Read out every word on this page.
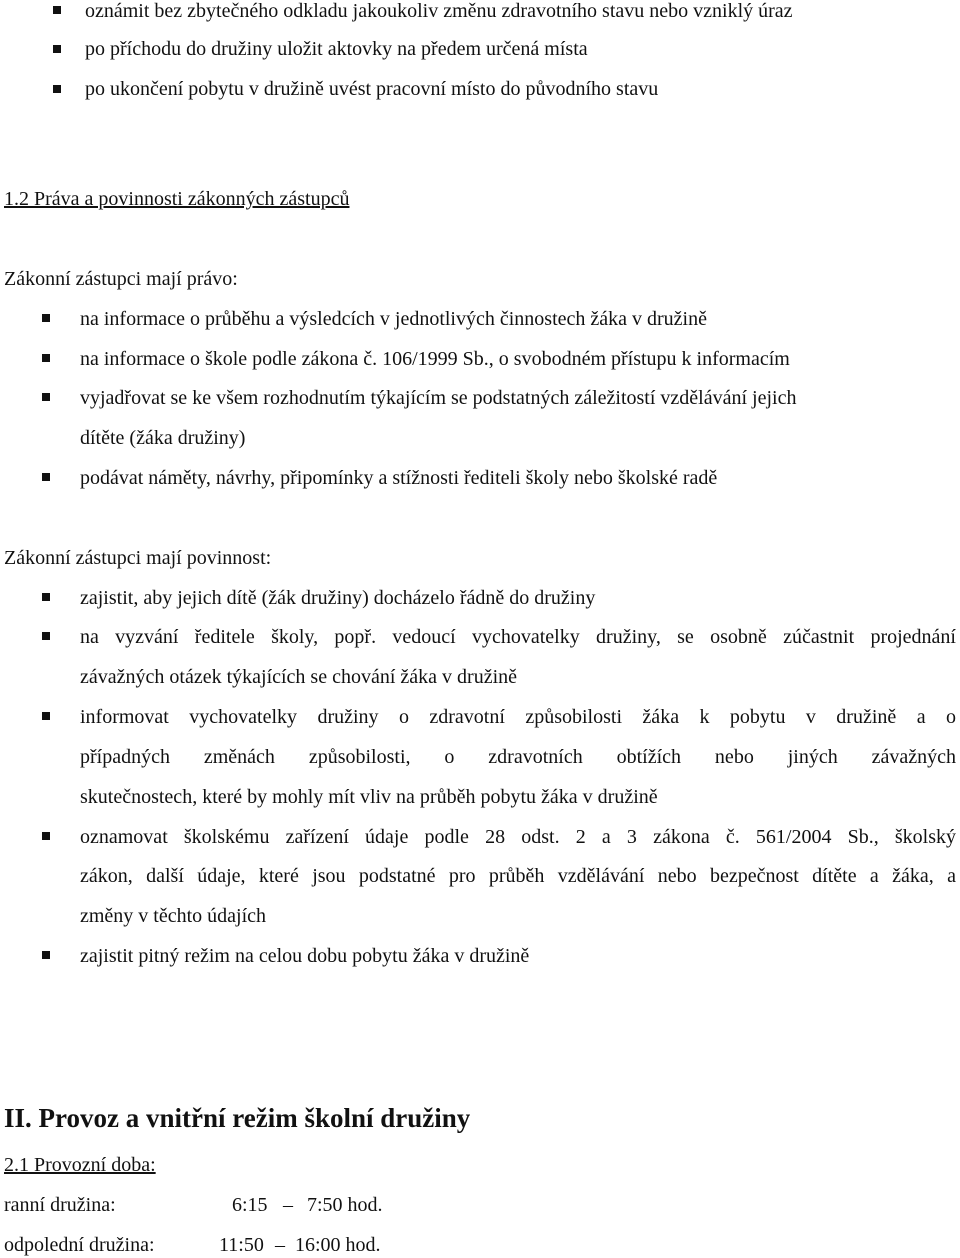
oznámit bez zbytečného odkladu jakoukoliv změnu zdravotního stavu nebo vzniklý úraz
po příchodu do družiny uložit aktovky na předem určená místa
po ukončení pobytu v družině uvést pracovní místo do původního stavu
1.2 Práva a povinnosti zákonných zástupců
Zákonní zástupci mají právo:
na informace o průběhu a výsledcích v jednotlivých činnostech žáka v družině
na informace o škole podle zákona č. 106/1999 Sb., o svobodném přístupu k informacím
vyjadřovat se ke všem rozhodnutím týkajícím se podstatných záležitostí vzdělávání jejich
dítěte (žáka družiny)
podávat náměty, návrhy, připomínky a stížnosti řediteli školy nebo školské radě
Zákonní zástupci mají povinnost:
zajistit, aby jejich dítě (žák družiny) docházelo řádně do družiny
na vyzvání ředitele školy, popř. vedoucí vychovatelky družiny, se osobně zúčastnit projednání
závažných otázek týkajících se chování žáka v družině
informovat vychovatelky družiny o zdravotní způsobilosti žáka k pobytu v družině a o
případných změnách způsobilosti, o zdravotních obtížích nebo jiných závažných
skutečnostech, které by mohly mít vliv na průběh pobytu žáka v družině
oznamovat školskému zařízení údaje podle 28 odst. 2 a 3 zákona č. 561/2004 Sb., školský
zákon, další údaje, které jsou podstatné pro průběh vzdělávání nebo bezpečnost dítěte a žáka, a
změny v těchto údajích
zajistit pitný režim na celou dobu pobytu žáka v družině
II. Provoz a vnitřní režim školní družiny
2.1 Provozní doba:
ranní družina:	6:15 – 7:50 hod.
odpolední družina:	11:50 – 16:00 hod.
